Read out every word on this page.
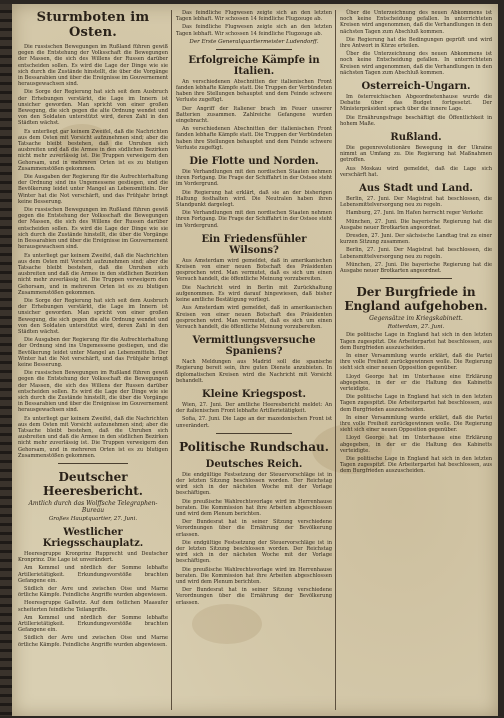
Sturmboten im Osten.
Die russischen Bewegungen im Rußland führen gewiß gegen die Entstehung der Volksschaft die Bewegungen der Massen, die sich des Willens der Russen darüber entscheiden sollen. Es wird die Lage der Dinge wie sie sich durch die Zustände hinstellt, die über die Vorgänge in Bessarabien und über die Ereignisse im Gouvernement herausgewachsen sind.
Die Sorge der Regierung hat sich seit dem Ausbruch der Erhebungen verstärkt, die Lage im Innern ist unsicher geworden. Man spricht von einer großen Bewegung, die sich gegen die alte Ordnung wendet und von den Soldaten unterstützt wird, deren Zahl in den Städten wächst.
Es unterliegt gar keinem Zweifel, daß die Nachrichten aus dem Osten mit Vorsicht aufzunehmen sind; aber die Tatsache bleibt bestehen, daß die Unruhen sich ausbreiten und daß die Armee in den südlichen Bezirken nicht mehr zuverlässig ist. Die Truppen verweigern den Gehorsam, und in mehreren Orten ist es zu blutigen Zusammenstößen gekommen.
Die Ausgaben der Regierung für die Aufrechterhaltung der Ordnung sind ins Ungemessene gestiegen, und die Bevölkerung leidet unter Mangel an Lebensmitteln. Der Winter hat die Not verschärft, und das Frühjahr bringt keine Besserung.
Die russischen Bewegungen im Rußland führen gewiß gegen die Entstehung der Volksschaft die Bewegungen der Massen, die sich des Willens der Russen darüber entscheiden sollen. Es wird die Lage der Dinge wie sie sich durch die Zustände hinstellt, die über die Vorgänge in Bessarabien und über die Ereignisse im Gouvernement herausgewachsen sind.
Es unterliegt gar keinem Zweifel, daß die Nachrichten aus dem Osten mit Vorsicht aufzunehmen sind; aber die Tatsache bleibt bestehen, daß die Unruhen sich ausbreiten und daß die Armee in den südlichen Bezirken nicht mehr zuverlässig ist. Die Truppen verweigern den Gehorsam, und in mehreren Orten ist es zu blutigen Zusammenstößen gekommen.
Die Sorge der Regierung hat sich seit dem Ausbruch der Erhebungen verstärkt, die Lage im Innern ist unsicher geworden. Man spricht von einer großen Bewegung, die sich gegen die alte Ordnung wendet und von den Soldaten unterstützt wird, deren Zahl in den Städten wächst.
Die Ausgaben der Regierung für die Aufrechterhaltung der Ordnung sind ins Ungemessene gestiegen, und die Bevölkerung leidet unter Mangel an Lebensmitteln. Der Winter hat die Not verschärft, und das Frühjahr bringt keine Besserung.
Die russischen Bewegungen im Rußland führen gewiß gegen die Entstehung der Volksschaft die Bewegungen der Massen, die sich des Willens der Russen darüber entscheiden sollen. Es wird die Lage der Dinge wie sie sich durch die Zustände hinstellt, die über die Vorgänge in Bessarabien und über die Ereignisse im Gouvernement herausgewachsen sind.
Es unterliegt gar keinem Zweifel, daß die Nachrichten aus dem Osten mit Vorsicht aufzunehmen sind; aber die Tatsache bleibt bestehen, daß die Unruhen sich ausbreiten und daß die Armee in den südlichen Bezirken nicht mehr zuverlässig ist. Die Truppen verweigern den Gehorsam, und in mehreren Orten ist es zu blutigen Zusammenstößen gekommen.
Deutscher Heeresbericht.
Amtlich durch das Wolffsche Telegraphen-Bureau
Großes Hauptquartier, 27. Juni.
Westlicher Kriegsschauplatz.
Heeresgruppe Kronprinz Rupprecht und Deutscher Kronprinz. Die Lage ist unverändert.
Am Kemmel und nördlich der Somme lebhafte Artillerietätigkeit. Erkundungsvorstöße brachten Gefangene ein.
Südlich der Avre und zwischen Oise und Marne örtliche Kämpfe. Feindliche Angriffe wurden abgewiesen.
Heeresgruppe Gallwitz. Auf dem östlichen Maasufer scheiterten feindliche Teilangriffe.
Am Kemmel und nördlich der Somme lebhafte Artillerietätigkeit. Erkundungsvorstöße brachten Gefangene ein.
Südlich der Avre und zwischen Oise und Marne örtliche Kämpfe. Feindliche Angriffe wurden abgewiesen.
Das feindliche Flugwesen zeigte sich an den letzten Tagen lebhaft. Wir schossen 14 feindliche Flugzeuge ab.
Das feindliche Flugwesen zeigte sich an den letzten Tagen lebhaft. Wir schossen 14 feindliche Flugzeuge ab.
Der Erste Generalquartiermeister Ludendorff.
Erfolgreiche Kämpfe in Italien.
An verschiedenen Abschnitten der italienischen Front fanden lebhafte Kämpfe statt. Die Truppen der Verbündeten haben ihre Stellungen behauptet und dem Feinde schwere Verluste zugefügt.
Der Angriff der Italiener brach im Feuer unserer Batterien zusammen. Zahlreiche Gefangene wurden eingebracht.
An verschiedenen Abschnitten der italienischen Front fanden lebhafte Kämpfe statt. Die Truppen der Verbündeten haben ihre Stellungen behauptet und dem Feinde schwere Verluste zugefügt.
Die Flotte und Norden.
Die Verhandlungen mit den nordischen Staaten nehmen ihren Fortgang. Die Frage der Schiffahrt in der Ostsee steht im Vordergrund.
Die Regierung hat erklärt, daß sie an der bisherigen Haltung festhalten wird. Die Neutralen haben ihren Standpunkt dargelegt.
Die Verhandlungen mit den nordischen Staaten nehmen ihren Fortgang. Die Frage der Schiffahrt in der Ostsee steht im Vordergrund.
Ein Friedensfühler Wilsons?
Aus Amsterdam wird gemeldet, daß in amerikanischen Kreisen von einer neuen Botschaft des Präsidenten gesprochen wird. Man vermutet, daß es sich um einen Versuch handelt, die öffentliche Meinung vorzubereiten.
Die Nachricht wird in Berlin mit Zurückhaltung aufgenommen. Es wird darauf hingewiesen, daß bisher keine amtliche Bestätigung vorliegt.
Aus Amsterdam wird gemeldet, daß in amerikanischen Kreisen von einer neuen Botschaft des Präsidenten gesprochen wird. Man vermutet, daß es sich um einen Versuch handelt, die öffentliche Meinung vorzubereiten.
Vermittlungsversuche Spaniens?
Nach Meldungen aus Madrid soll die spanische Regierung bereit sein, ihre guten Dienste anzubieten. In diplomatischen Kreisen wird die Nachricht mit Vorsicht behandelt.
Kleine Kriegspost.
Wien, 27. Juni. Der amtliche Heeresbericht meldet: An der italienischen Front lebhafte Artillerietätigkeit.
Sofia, 27. Juni. Die Lage an der mazedonischen Front ist unverändert.
Politische Rundschau.
Deutsches Reich.
Die endgültige Festsetzung der Steuervorschläge ist in der letzten Sitzung beschlossen worden. Der Reichstag wird sich in der nächsten Woche mit der Vorlage beschäftigen.
Die preußische Wahlrechtsvorlage wird im Herrenhause beraten. Die Kommission hat ihre Arbeiten abgeschlossen und wird dem Plenum berichten.
Der Bundesrat hat in seiner Sitzung verschiedene Verordnungen über die Ernährung der Bevölkerung erlassen.
Die endgültige Festsetzung der Steuervorschläge ist in der letzten Sitzung beschlossen worden. Der Reichstag wird sich in der nächsten Woche mit der Vorlage beschäftigen.
Die preußische Wahlrechtsvorlage wird im Herrenhause beraten. Die Kommission hat ihre Arbeiten abgeschlossen und wird dem Plenum berichten.
Der Bundesrat hat in seiner Sitzung verschiedene Verordnungen über die Ernährung der Bevölkerung erlassen.
Über die Unterzeichnung des neuen Abkommens ist noch keine Entscheidung gefallen. In unterrichteten Kreisen wird angenommen, daß die Verhandlungen in den nächsten Tagen zum Abschluß kommen.
Die Regierung hat die Bedingungen geprüft und wird ihre Antwort in Kürze erteilen.
Über die Unterzeichnung des neuen Abkommens ist noch keine Entscheidung gefallen. In unterrichteten Kreisen wird angenommen, daß die Verhandlungen in den nächsten Tagen zum Abschluß kommen.
Osterreich-Ungarn.
Im österreichischen Abgeordnetenhause wurde die Debatte über das Budget fortgesetzt. Der Ministerpräsident sprach über die innere Lage.
Die Ernährungsfrage beschäftigt die Öffentlichkeit in hohem Maße.
Rußland.
Die gegenrevolutionäre Bewegung in der Ukraine nimmt an Umfang zu. Die Regierung hat Maßnahmen getroffen.
Aus Moskau wird gemeldet, daß die Lage sich verschärft hat.
Aus Stadt und Land.
Berlin, 27. Juni. Der Magistrat hat beschlossen, die Lebensmittelversorgung neu zu regeln.
Hamburg, 27. Juni. Im Hafen herrscht reger Verkehr.
München, 27. Juni. Die bayerische Regierung hat die Ausgabe neuer Brotkarten angeordnet.
Dresden, 27. Juni. Der sächsische Landtag trat zu einer kurzen Sitzung zusammen.
Berlin, 27. Juni. Der Magistrat hat beschlossen, die Lebensmittelversorgung neu zu regeln.
München, 27. Juni. Die bayerische Regierung hat die Ausgabe neuer Brotkarten angeordnet.
Der Burgfriede in England aufgehoben.
Gegensätze im Kriegskabinett.
Rotterdam, 27. Juni.
Die politische Lage in England hat sich in den letzten Tagen zugespitzt. Die Arbeiterpartei hat beschlossen, aus dem Burgfrieden auszuscheiden.
In einer Versammlung wurde erklärt, daß die Partei ihre volle Freiheit zurückgewinnen wolle. Die Regierung sieht sich einer neuen Opposition gegenüber.
Lloyd George hat im Unterhause eine Erklärung abgegeben, in der er die Haltung des Kabinetts verteidigte.
Die politische Lage in England hat sich in den letzten Tagen zugespitzt. Die Arbeiterpartei hat beschlossen, aus dem Burgfrieden auszuscheiden.
In einer Versammlung wurde erklärt, daß die Partei ihre volle Freiheit zurückgewinnen wolle. Die Regierung sieht sich einer neuen Opposition gegenüber.
Lloyd George hat im Unterhause eine Erklärung abgegeben, in der er die Haltung des Kabinetts verteidigte.
Die politische Lage in England hat sich in den letzten Tagen zugespitzt. Die Arbeiterpartei hat beschlossen, aus dem Burgfrieden auszuscheiden.
